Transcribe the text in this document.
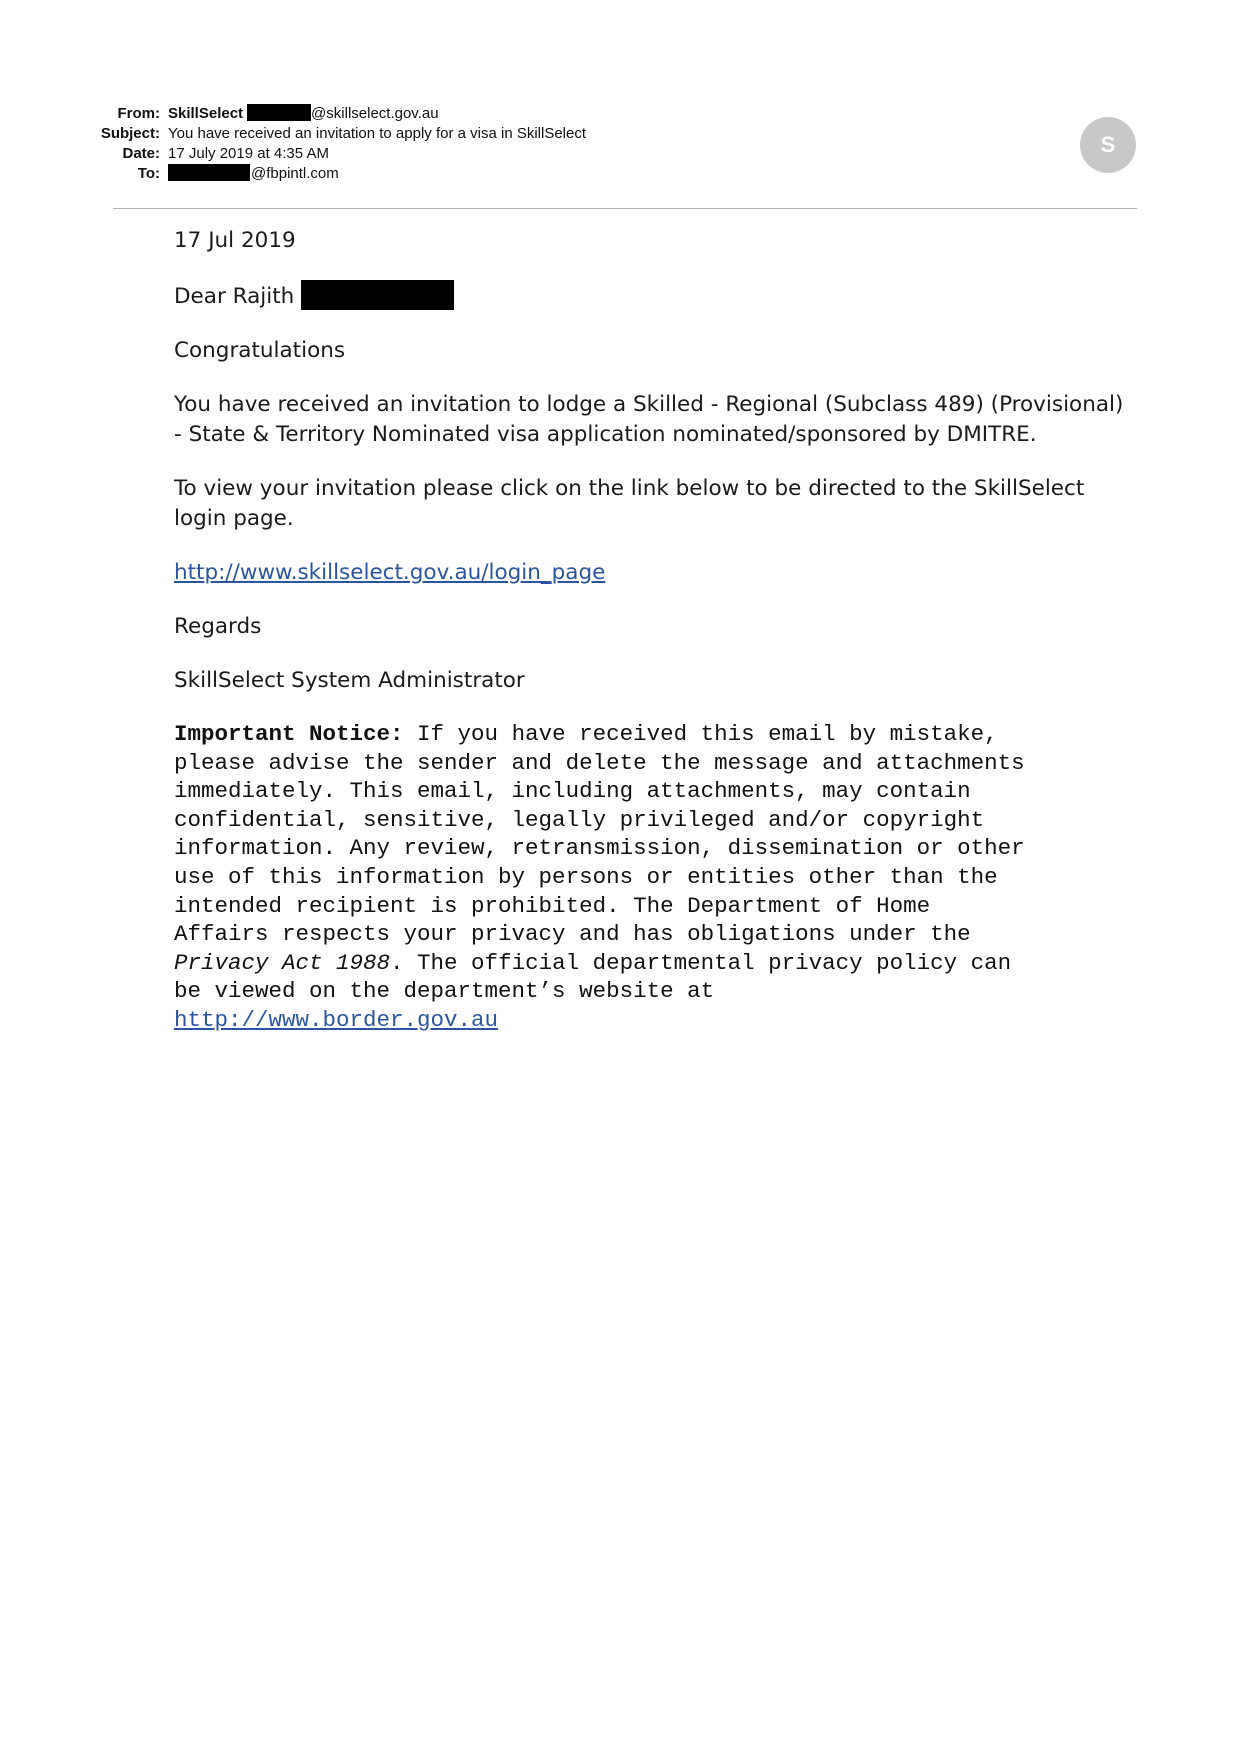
From: SkillSelect	@skillselect.gov.au
Subject: You have received an invitation to apply for a visa in SkillSelect
Date: 17 July 2019 at 4:35 AM
To:	@fbpintl.com
S

17 Jul 2019

Dear Rajith

Congratulations

You have received an invitation to lodge a Skilled - Regional (Subclass 489) (Provisional) - State & Territory Nominated visa application nominated/sponsored by DMITRE.

To view your invitation please click on the link below to be directed to the SkillSelect login page.

http://www.skillselect.gov.au/login_page

Regards

SkillSelect System Administrator

Important Notice: If you have received this email by mistake,
please advise the sender and delete the message and attachments
immediately. This email, including attachments, may contain
confidential, sensitive, legally privileged and/or copyright
information. Any review, retransmission, dissemination or other
use of this information by persons or entities other than the
intended recipient is prohibited. The Department of Home
Affairs respects your privacy and has obligations under the
Privacy Act 1988. The official departmental privacy policy can
be viewed on the department’s website at
http://www.border.gov.au
